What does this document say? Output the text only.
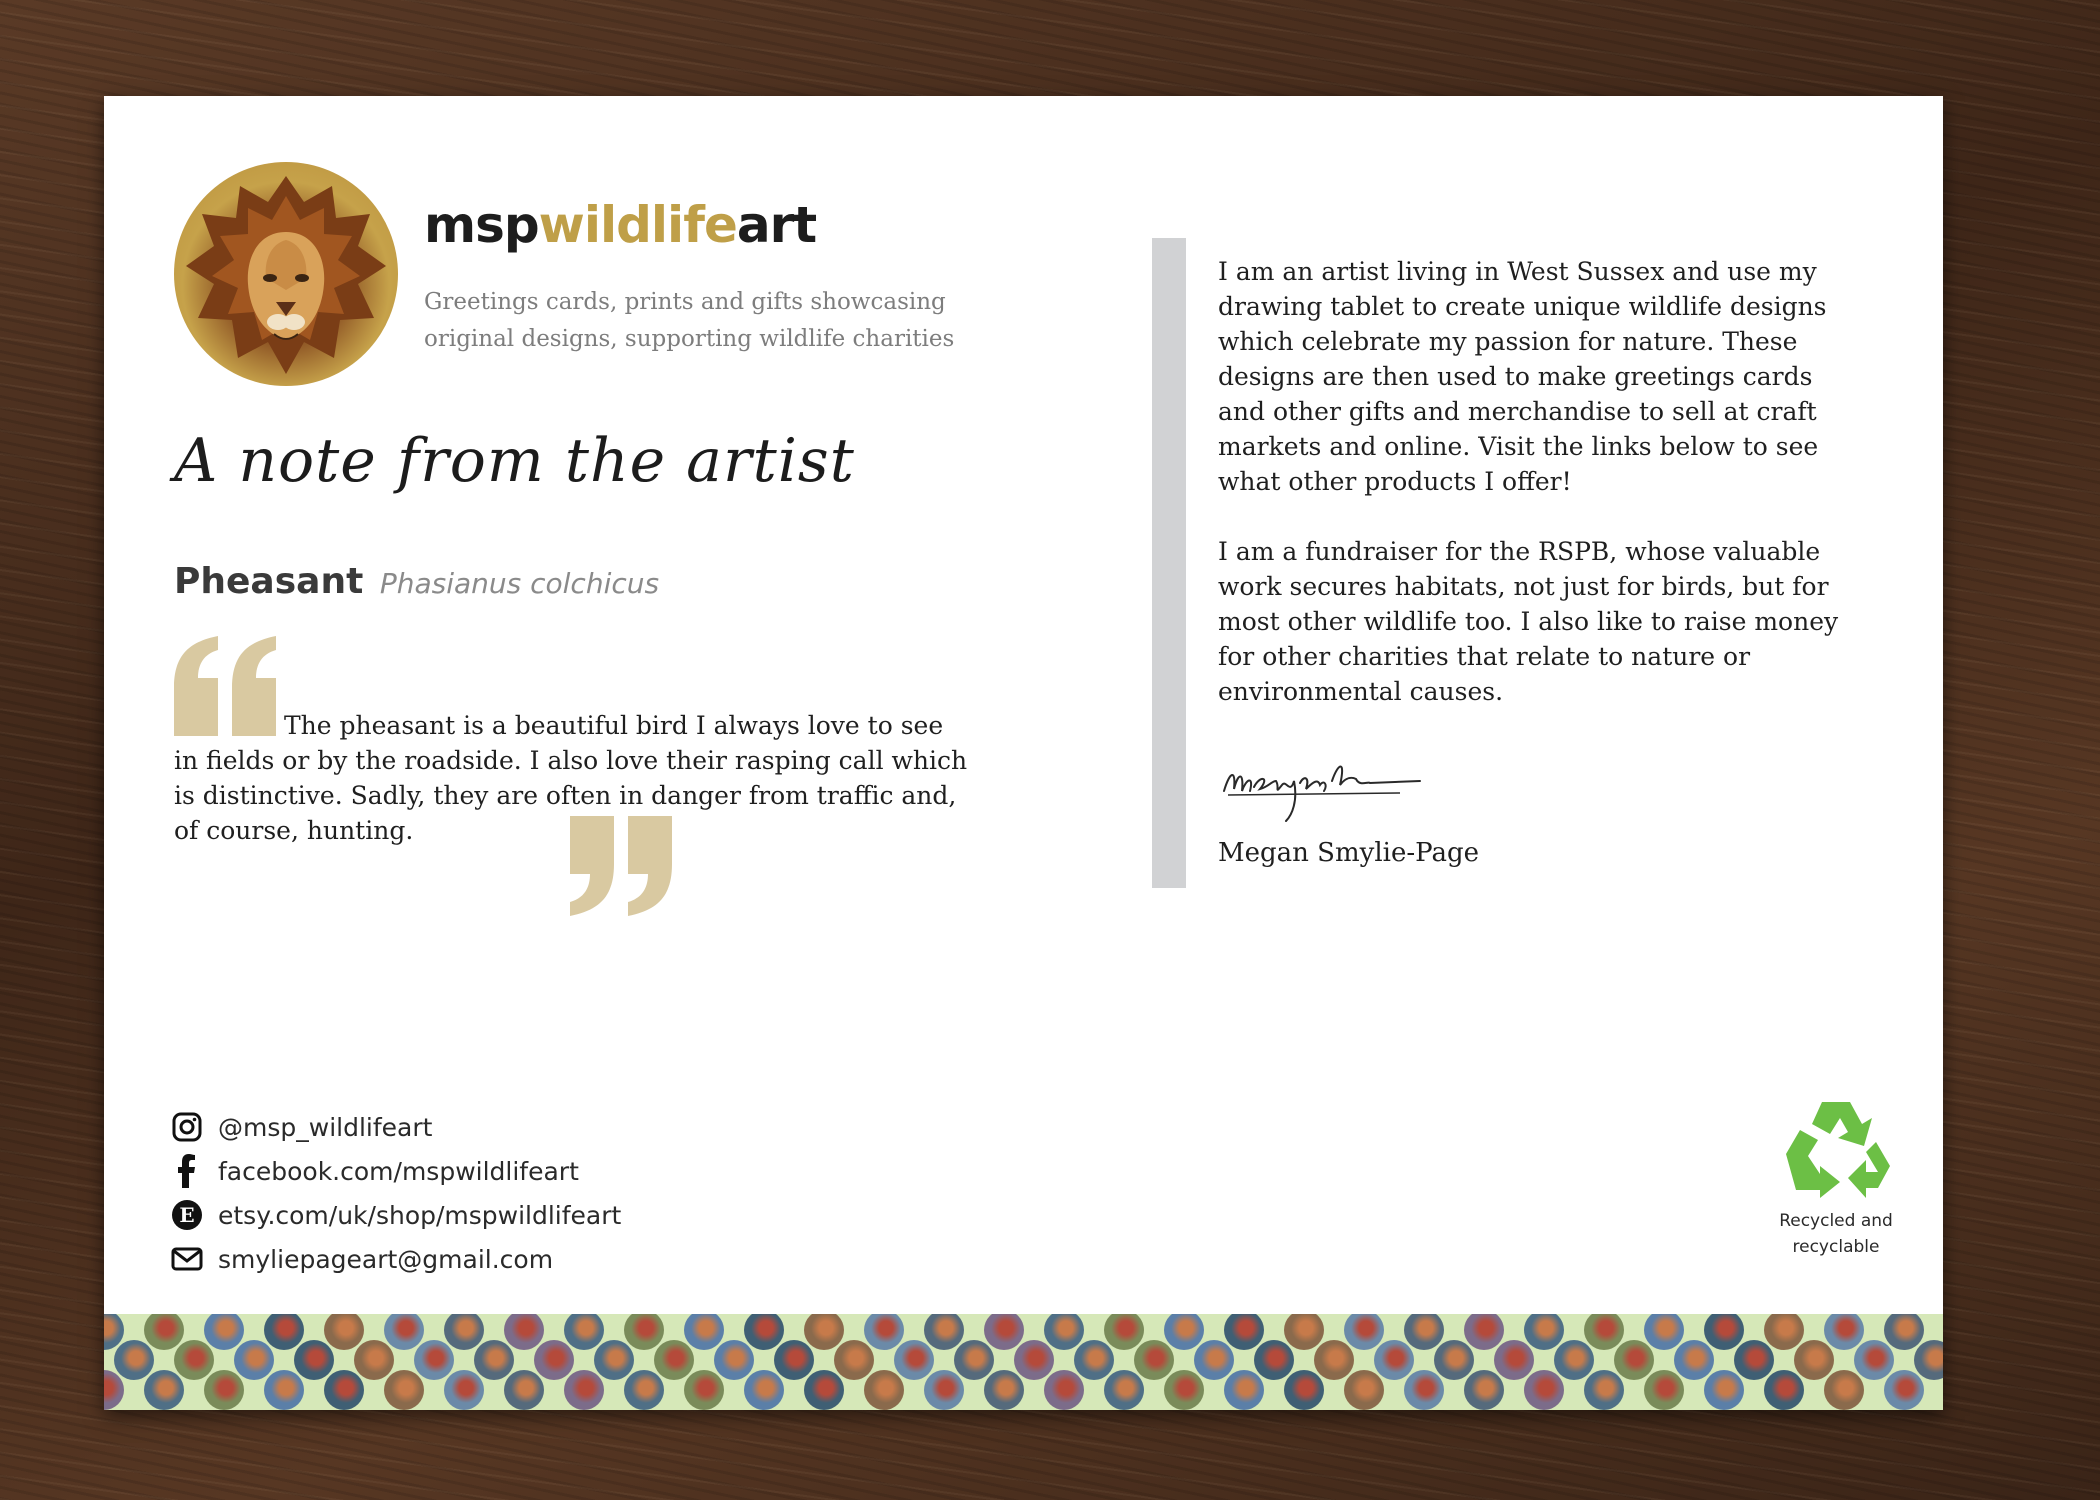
mspwildlifeart
Greetings cards, prints and gifts showcasing
original designs, supporting wildlife charities
A note from the artist
Pheasant Phasianus colchicus
The pheasant is a beautiful bird I always love to see in fields or by the roadside. I also love their rasping call which is distinctive. Sadly, they are often in danger from traffic and, of course, hunting.

I am an artist living in West Sussex and use my drawing tablet to create unique wildlife designs which celebrate my passion for nature. These designs are then used to make greetings cards and other gifts and merchandise to sell at craft markets and online. Visit the links below to see what other products I offer!

I am a fundraiser for the RSPB, whose valuable work secures habitats, not just for birds, but for most other wildlife too. I also like to raise money for other charities that relate to nature or environmental causes.

Megan Smylie-Page
@msp_wildlifeart
facebook.com/mspwildlifeart
E etsy.com/uk/shop/mspwildlifeart
smyliepageart@gmail.com
Recycled and
recyclable
